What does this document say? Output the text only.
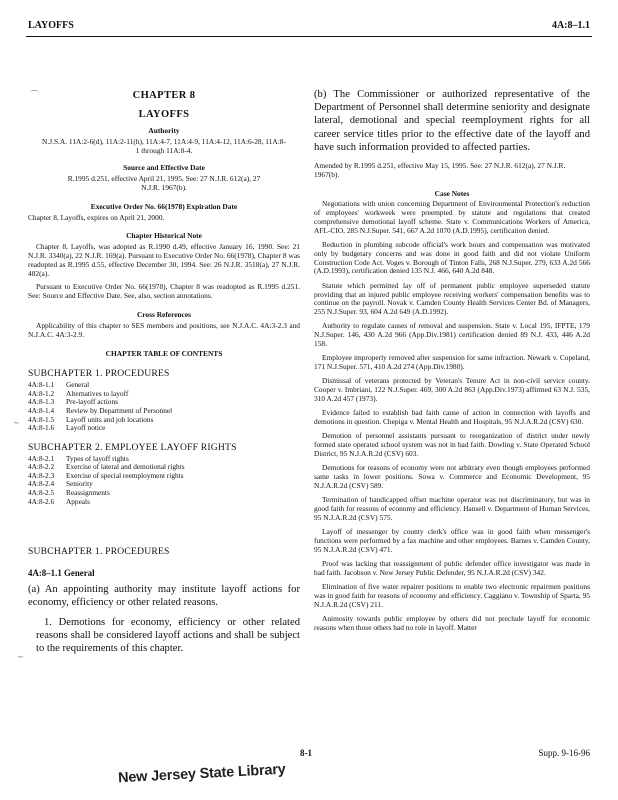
LAYOFFS	4A:8–1.1
⌒
~
~

CHAPTER 8

LAYOFFS

Authority

N.J.S.A. 11A:2-6(d), 11A:2-11(h), 11A:4-7, 11A:4-9, 11A:4-12, 11A:6-28, 11A:8-1 through 11A:8-4.

Source and Effective Date

R.1995 d.251, effective April 21, 1995. See: 27 N.J.R. 612(a), 27 N.J.R. 1967(b).

Executive Order No. 66(1978) Expiration Date

Chapter 8, Layoffs, expires on April 21, 2000.

Chapter Historical Note

Chapter 8, Layoffs, was adopted as R.1990 d.49, effective January 16, 1990. See: 21 N.J.R. 3340(a), 22 N.J.R. 169(a). Pursuant to Executive Order No. 66(1978), Chapter 8 was readopted as R.1995 d.55, effective December 30, 1994. See: 26 N.J.R. 3518(a), 27 N.J.R. 482(a).

Pursuant to Executive Order No. 66(1978), Chapter 8 was readopted as R.1995 d.251. See: Source and Effective Date. See, also, section annotations.

Cross References

Applicability of this chapter to SES members and positions, see N.J.A.C. 4A:3-2.3 and N.J.A.C. 4A:3-2.9.

CHAPTER TABLE OF CONTENTS

SUBCHAPTER 1. PROCEDURES

4A:8-1.1	General
4A:8-1.2	Alternatives to layoff
4A:8-1.3	Pre-layoff actions
4A:8-1.4	Review by Department of Personnel
4A:8-1.5	Layoff units and job locations
4A:8-1.6	Layoff notice

SUBCHAPTER 2. EMPLOYEE LAYOFF RIGHTS

4A:8-2.1	Types of layoff rights
4A:8-2.2	Exercise of lateral and demotional rights
4A:8-2.3	Exercise of special reemployment rights
4A:8-2.4	Seniority
4A:8-2.5	Reassignments
4A:8-2.6	Appeals

SUBCHAPTER 1. PROCEDURES

4A:8–1.1 General

(a) An appointing authority may institute layoff actions for economy, efficiency or other related reasons.

1. Demotions for economy, efficiency or other related reasons shall be considered layoff actions and shall be subject to the requirements of this chapter.

(b) The Commissioner or authorized representative of the Department of Personnel shall determine seniority and designate lateral, demotional and special reemployment rights for all career service titles prior to the effective date of the layoff and have such information provided to affected parties.

Amended by R.1995 d.251, effective May 15, 1995. See: 27 N.J.R. 612(a), 27 N.J.R. 1967(b).

Case Notes

Negotiations with union concerning Department of Environmental Protection's reduction of employees' workweek were preempted by statute and regulations that created comprehensive demotional layoff scheme. State v. Communications Workers of America, AFL-CIO, 285 N.J.Super. 541, 667 A.2d 1070 (A.D.1995), certification denied.

Reduction in plumbing subcode official's work hours and compensation was motivated only by budgetary concerns and was done in good faith and did not violate Uniform Construction Code Act. Voges v. Borough of Tinton Falls, 268 N.J.Super. 279, 633 A.2d 566 (A.D.1993), certification denied 135 N.J. 466, 640 A.2d 848.

Statute which permitted lay off of permanent public employee superseded statute providing that an injured public employee receiving workers' compensation benefits was to continue on the payroll. Novak v. Camden County Health Services Center Bd. of Managers, 255 N.J.Super. 93, 604 A.2d 649 (A.D.1992).

Authority to regulate causes of removal and suspension. State v. Local 195, IFPTE, 179 N.J.Super. 146, 430 A.2d 966 (App.Div.1981) certification denied 89 N.J. 433, 446 A.2d 158.

Employee improperly removed after suspension for same infraction. Newark v. Copeland, 171 N.J.Super. 571, 410 A.2d 274 (App.Div.1980).

Dismissal of veterans protected by Veteran's Tenure Act in non-civil service county. Cooper v. Imbriani, 122 N.J.Super. 469, 300 A.2d 863 (App.Div.1973) affirmed 63 N.J. 535, 310 A.2d 457 (1973).

Evidence failed to establish bad faith cause of action in connection with layoffs and demotions in question. Chepiga v. Mental Health and Hospitals, 95 N.J.A.R.2d (CSV) 630.

Demotion of personnel assistants pursuant to reorganization of district under newly formed state operated school system was not in bad faith. Dowling v. State Operated School District, 95 N.J.A.R.2d (CSV) 603.

Demotions for reasons of economy were not arbitrary even though employees performed same tasks in lower positions. Sowa v. Commerce and Economic Development, 95 N.J.A.R.2d (CSV) 589.

Termination of handicapped offset machine operator was not discriminatory, but was in good faith for reasons of economy and efficiency. Hansell v. Department of Human Services, 95 N.J.A.R.2d (CSV) 575.

Layoff of messenger by county clerk's office was in good faith when messenger's functions were performed by a fax machine and other employees. Barnes v. Camden County, 95 N.J.A.R.2d (CSV) 471.

Proof was lacking that reassignment of public defender office investigator was made in bad faith. Jacobson v. New Jersey Public Defender, 95 N.J.A.R.2d (CSV) 342.

Elimination of five water repairer positions to enable two electronic repairmen positions was in good faith for reasons of economy and efficiency. Caggiano v. Township of Sparta, 95 N.J.A.R.2d (CSV) 211.

Animosity towards public employee by others did not preclude layoff for economic reasons when those others had no role in layoff. Matter

8-1	Supp. 9-16-96
New Jersey State Library
